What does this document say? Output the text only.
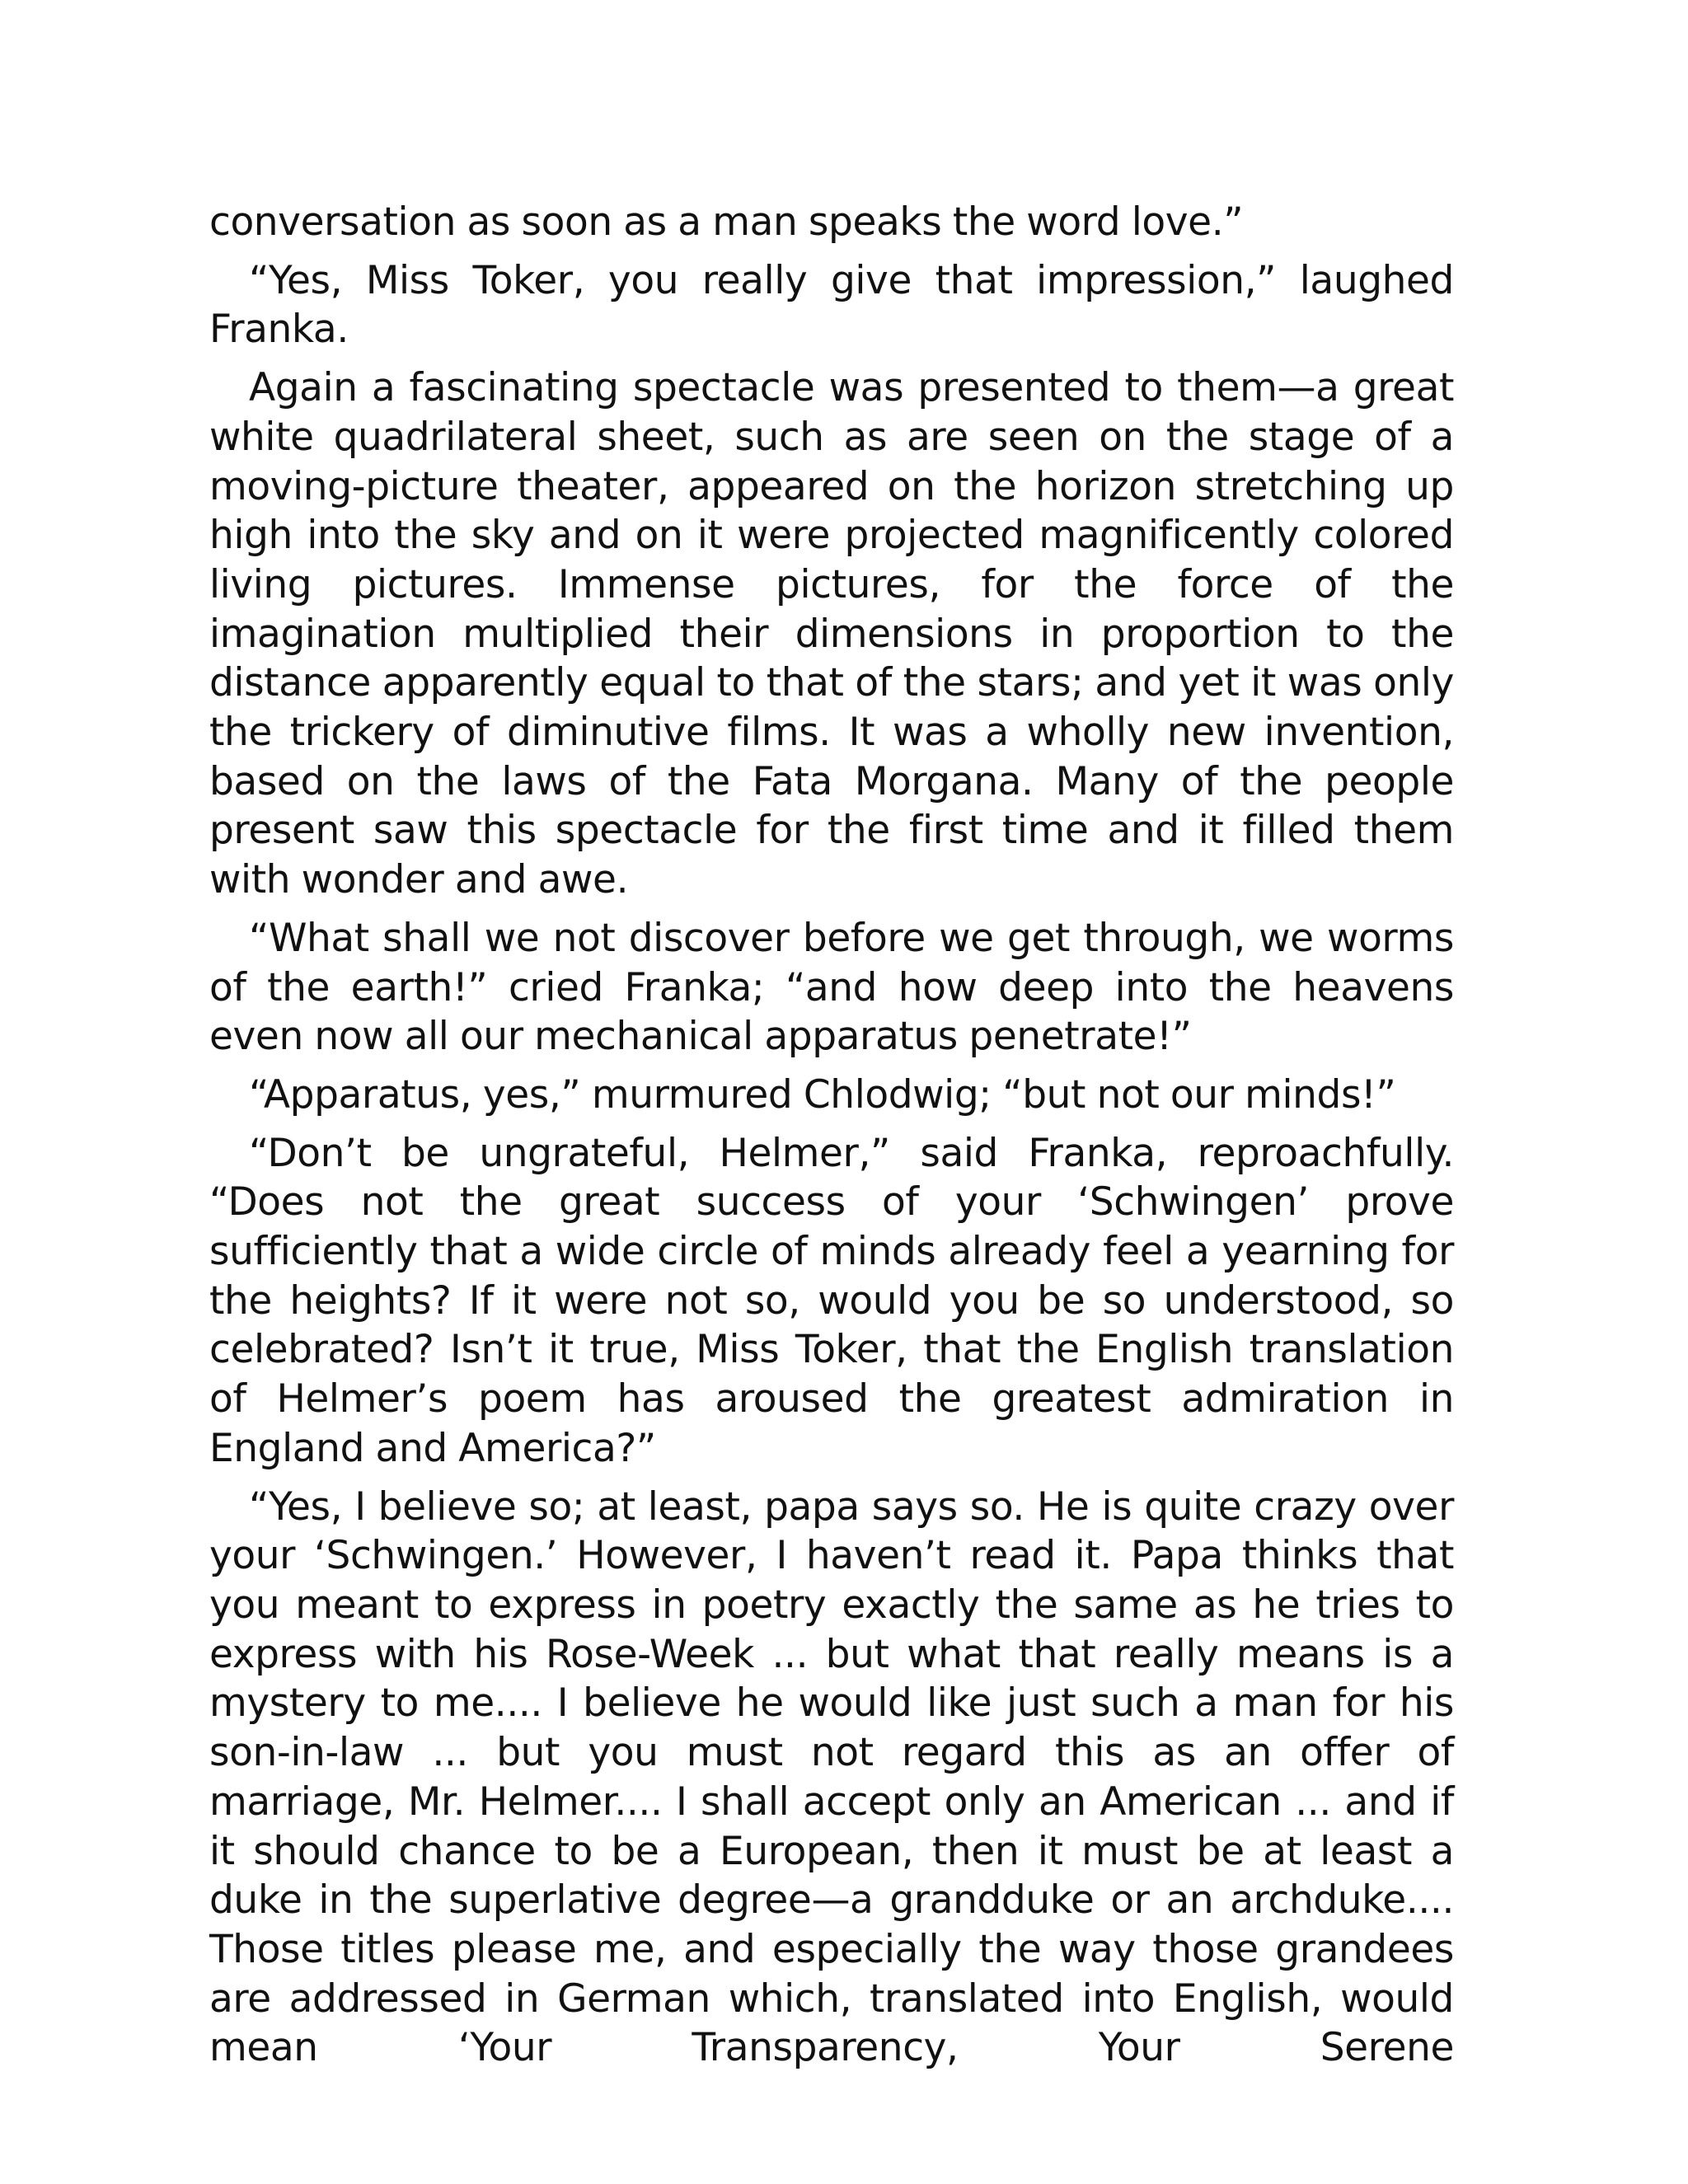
conversation as soon as a man speaks the word love.”

“Yes, Miss Toker, you really give that impression,” laughed Franka.

Again a fascinating spectacle was presented to them—a great white quadrilateral sheet, such as are seen on the stage of a moving-picture theater, appeared on the horizon stretching up high into the sky and on it were projected magnificently colored living pictures. Immense pictures, for the force of the imagination multiplied their dimensions in proportion to the distance apparently equal to that of the stars; and yet it was only the trickery of diminutive films. It was a wholly new invention, based on the laws of the Fata Morgana. Many of the people present saw this spectacle for the first time and it filled them with wonder and awe.

“What shall we not discover before we get through, we worms of the earth!” cried Franka; “and how deep into the heavens even now all our mechanical apparatus penetrate!”

“Apparatus, yes,” murmured Chlodwig; “but not our minds!”

“Don’t be ungrateful, Helmer,” said Franka, reproachfully. “Does not the great success of your ‘Schwingen’ prove sufficiently that a wide circle of minds already feel a yearning for the heights? If it were not so, would you be so understood, so celebrated? Isn’t it true, Miss Toker, that the English translation of Helmer’s poem has aroused the greatest admiration in England and America?”

“Yes, I believe so; at least, papa says so. He is quite crazy over your ‘Schwingen.’ However, I haven’t read it. Papa thinks that you meant to express in poetry exactly the same as he tries to express with his Rose-Week ... but what that really means is a mystery to me.... I believe he would like just such a man for his son-in-law ... but you must not regard this as an offer of marriage, Mr. Helmer.... I shall accept only an American ... and if it should chance to be a European, then it must be at least a duke in the superlative degree—a grandduke or an archduke.... Those titles please me, and especially the way those grandees are addressed in German which, translated into English, would mean ‘Your Transparency, Your Serene
